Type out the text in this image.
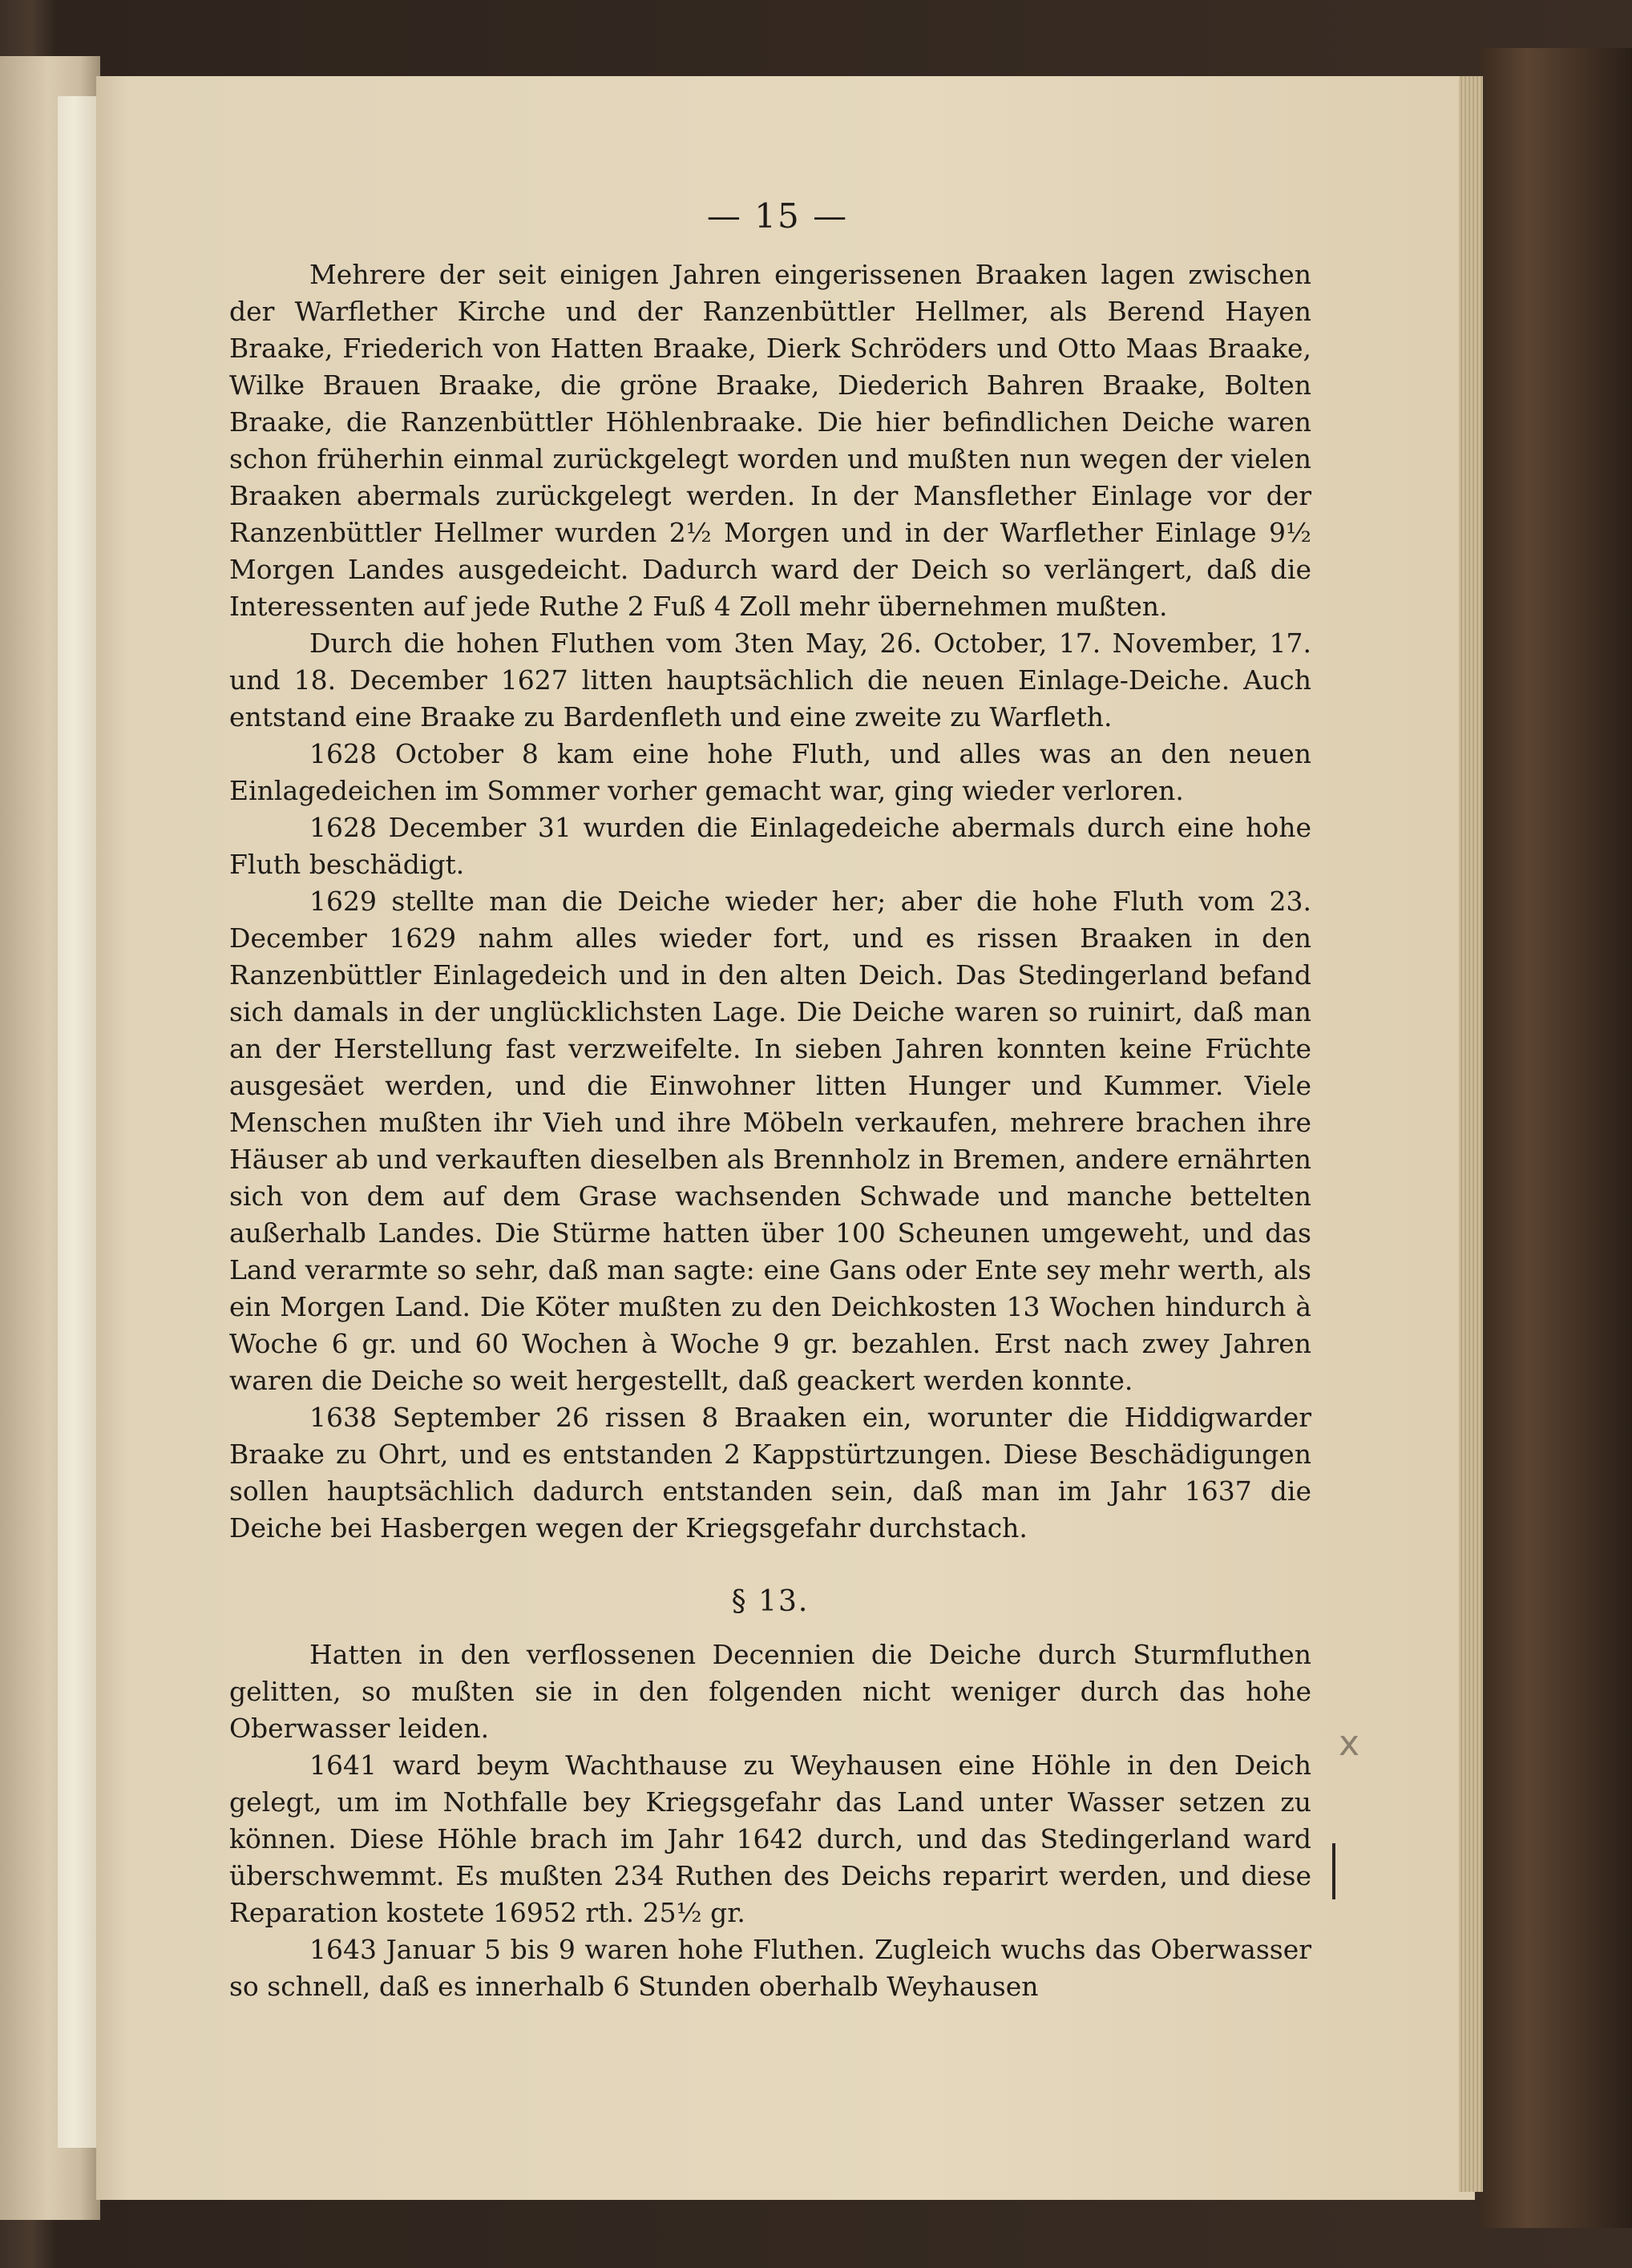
— 15 —

Mehrere der seit einigen Jahren eingerissenen Braaken lagen zwischen der Warflether Kirche und der Ranzenbüttler Hellmer, als Berend Hayen Braake, Friederich von Hatten Braake, Dierk Schröders und Otto Maas Braake, Wilke Brauen Braake, die gröne Braake, Diederich Bahren Braake, Bolten Braake, die Ranzenbüttler Höhlenbraake. Die hier befindlichen Deiche waren schon früherhin einmal zurückgelegt worden und mußten nun wegen der vielen Braaken abermals zurückgelegt werden. In der Mansflether Einlage vor der Ranzenbüttler Hellmer wurden 2½ Morgen und in der Warflether Einlage 9½ Morgen Landes ausgedeicht. Dadurch ward der Deich so verlängert, daß die Interessenten auf jede Ruthe 2 Fuß 4 Zoll mehr übernehmen mußten.

Durch die hohen Fluthen vom 3ten May, 26. October, 17. November, 17. und 18. December 1627 litten hauptsächlich die neuen Einlage-Deiche. Auch entstand eine Braake zu Bardenfleth und eine zweite zu Warfleth.

1628 October 8 kam eine hohe Fluth, und alles was an den neuen Einlagedeichen im Sommer vorher gemacht war, ging wieder verloren.

1628 December 31 wurden die Einlagedeiche abermals durch eine hohe Fluth beschädigt.

1629 stellte man die Deiche wieder her; aber die hohe Fluth vom 23. December 1629 nahm alles wieder fort, und es rissen Braaken in den Ranzenbüttler Einlagedeich und in den alten Deich. Das Stedingerland befand sich damals in der unglücklichsten Lage. Die Deiche waren so ruinirt, daß man an der Herstellung fast verzweifelte. In sieben Jahren konnten keine Früchte ausgesäet werden, und die Einwohner litten Hunger und Kummer. Viele Menschen mußten ihr Vieh und ihre Möbeln verkaufen, mehrere brachen ihre Häuser ab und verkauften dieselben als Brennholz in Bremen, andere ernährten sich von dem auf dem Grase wachsenden Schwade und manche bettelten außerhalb Landes. Die Stürme hatten über 100 Scheunen umgeweht, und das Land verarmte so sehr, daß man sagte: eine Gans oder Ente sey mehr werth, als ein Morgen Land. Die Köter mußten zu den Deichkosten 13 Wochen hindurch à Woche 6 gr. und 60 Wochen à Woche 9 gr. bezahlen. Erst nach zwey Jahren waren die Deiche so weit hergestellt, daß geackert werden konnte.

1638 September 26 rissen 8 Braaken ein, worunter die Hiddigwarder Braake zu Ohrt, und es entstanden 2 Kappstürtzungen. Diese Beschädigungen sollen hauptsächlich dadurch entstanden sein, daß man im Jahr 1637 die Deiche bei Hasbergen wegen der Kriegsgefahr durchstach.

§ 13.

Hatten in den verflossenen Decennien die Deiche durch Sturmfluthen gelitten, so mußten sie in den folgenden nicht weniger durch das hohe Oberwasser leiden.

1641 ward beym Wachthause zu Weyhausen eine Höhle in den Deich gelegt, um im Nothfalle bey Kriegsgefahr das Land unter Wasser setzen zu können. Diese Höhle brach im Jahr 1642 durch, und das Stedingerland ward überschwemmt. Es mußten 234 Ruthen des Deichs reparirt werden, und diese Reparation kostete 16952 rth. 25½ gr.

1643 Januar 5 bis 9 waren hohe Fluthen. Zugleich wuchs das Oberwasser so schnell, daß es innerhalb 6 Stunden oberhalb Weyhausen

x
